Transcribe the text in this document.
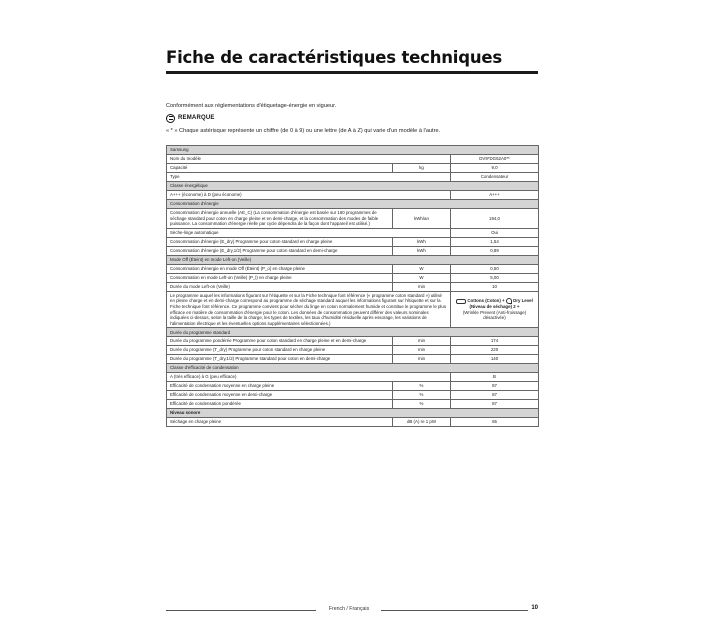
Fiche de caractéristiques techniques
Conformément aux réglementations d'étiquetage-énergie en vigueur.
REMARQUE
« * » Chaque astérisque représente un chiffre (de 0 à 9) ou une lettre (de A à Z) qui varie d'un modèle à l'autre.
Samsung		
Nom du modèle		DV9*DG52A0**
Capacité	kg	9,0
Type		Condensateur
Classe énergétique		
A+++ (économe) à D (peu économe)		A+++
Consommation d'énergie		
Consommation d'énergie annuelle (AE_C) (La consommation d'énergie est basée sur 160 programmes de séchage standard pour coton en charge pleine et en demi-charge, et la consommation des modes de faible puissance. La consommation d'énergie réelle par cycle dépendra de la façon dont l'appareil est utilisé.)	kWh/an	194,0
Sèche-linge automatique		Oui
Consommation d'énergie (E_dry) Programme pour coton standard en charge pleine	kWh	1,54
Consommation d'énergie (E_dry,1/2) Programme pour coton standard en demi-charge	kWh	0,89
Mode Off (Éteint) en mode Left-on (Veille)		
Consommation d'énergie en mode Off (Éteint) (P_o) en charge pleine	W	0,50
Consommation en mode Left-on (Veille) (P_l) en charge pleine	W	5,00
Durée du mode Left-on (Veille)	min	10
Le programme auquel les informations figurant sur l'étiquette et sur la Fiche technique font référence (« programme coton standard ») utilisé en pleine charge et en demi-charge correspond au programme de séchage standard auquel les informations figurant sur l'étiquette et sur la Fiche technique font référence. Ce programme convient pour sécher du linge en coton normalement humide et constitue le programme le plus efficace en matière de consommation d'énergie pour le coton. Les données de consommation peuvent différer des valeurs nominales indiquées ci-dessus, selon la taille de la charge, les types de textiles, les taux d'humidité résiduelle après essorage, les variations de l'alimentation électrique et les éventuelles options supplémentaires sélectionnées.)		Cottons (Coton) + Dry Level (Niveau de séchage) 2 +
(Wrinkle Prevent (Anti-froissage) désactivée)
Durée du programme standard		
Durée du programme pondérée Programme pour coton standard en charge pleine et en demi-charge	min	174
Durée du programme (T_dry) Programme pour coton standard en charge pleine	min	220
Durée du programme (T_dry,1/2) Programme standard pour coton en demi-charge	min	140
Classe d'efficacité de condensation		
A (très efficace) à G (peu efficace)		B
Efficacité de condensation moyenne en charge pleine	%	87
Efficacité de condensation moyenne en demi-charge	%	87
Efficacité de condensation pondérée	%	87
Niveau sonore		
Séchage en charge pleine	dB (A) re 1 pW	65
French / Français	10
